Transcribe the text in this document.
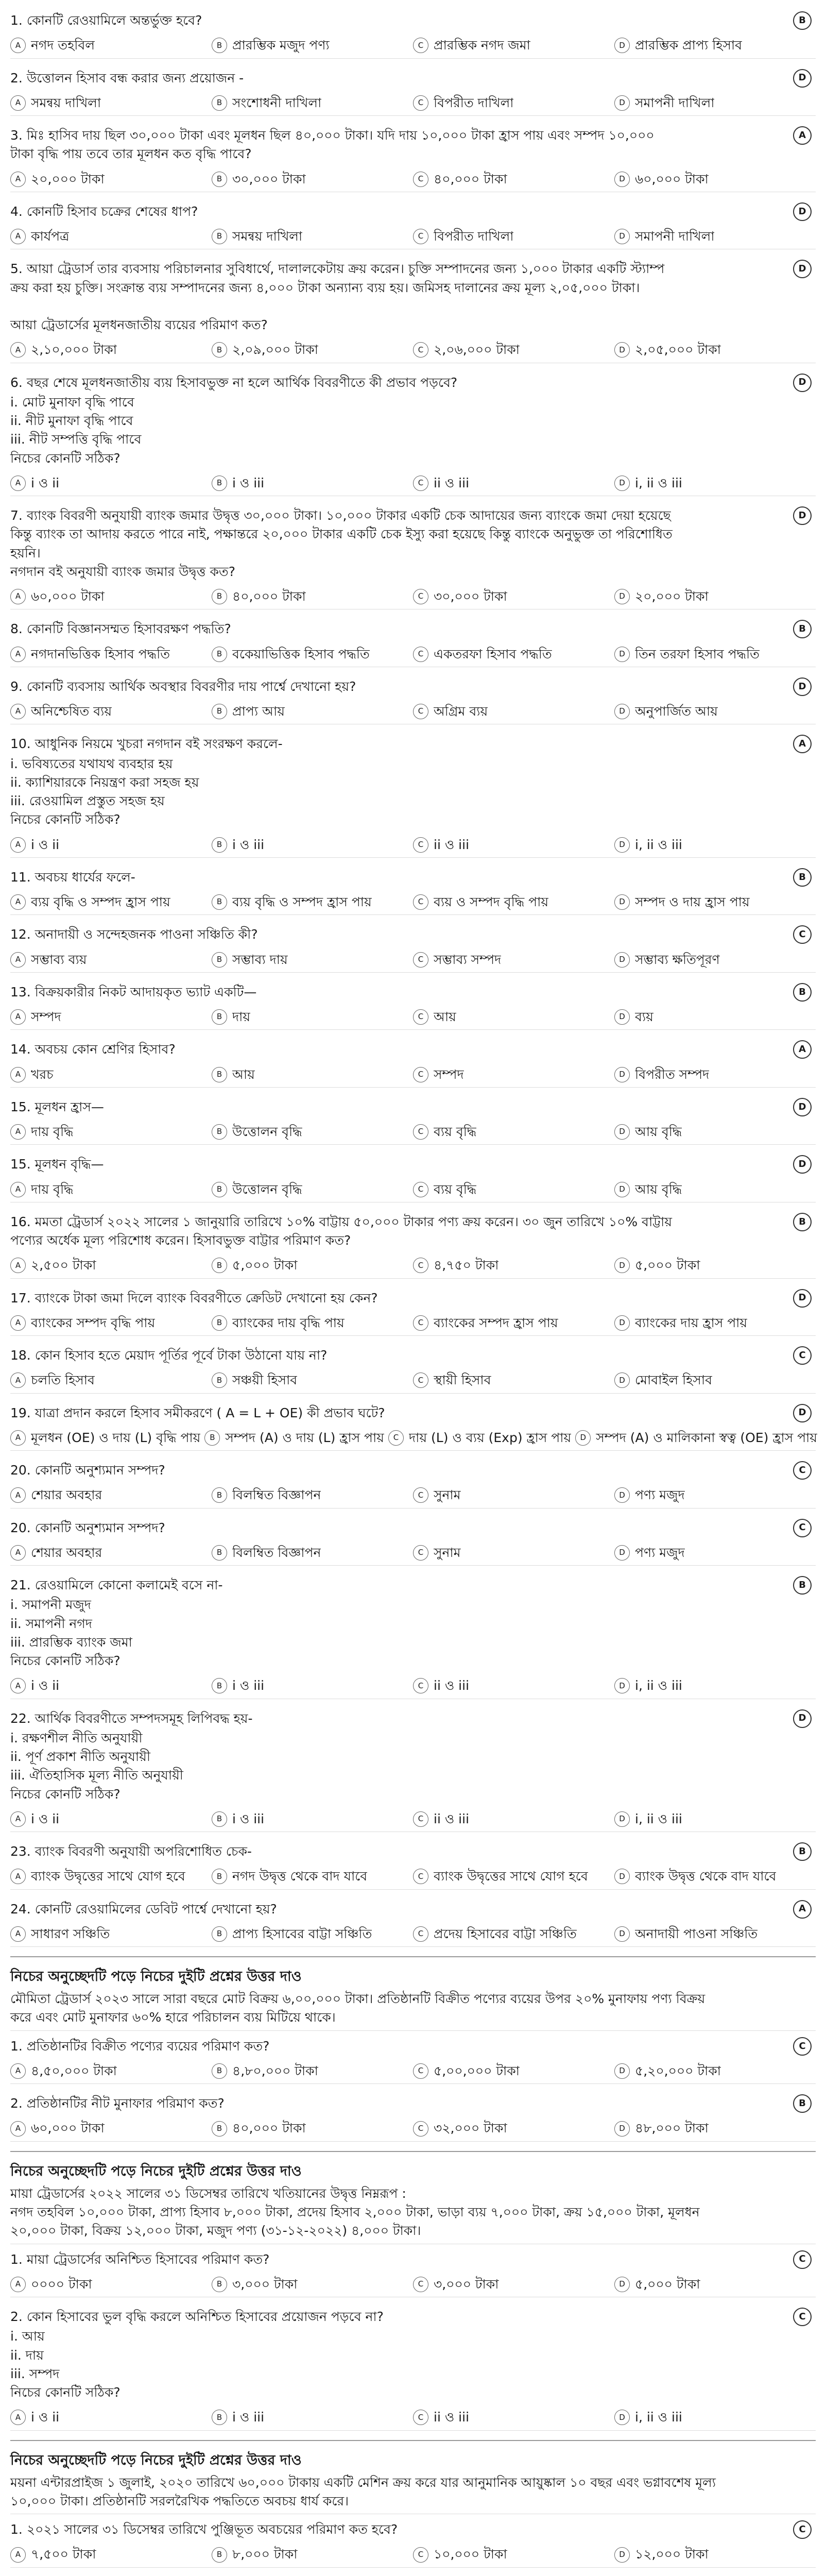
1. কোনটি রেওয়ামিলে অন্তর্ভুক্ত হবে?	B
A নগদ তহবিল	B প্রারম্ভিক মজুদ পণ্য	C প্রারম্ভিক নগদ জমা	D প্রারম্ভিক প্রাপ্য হিসাব
2. উত্তোলন হিসাব বন্ধ করার জন্য প্রয়োজন -	D
A সমন্বয় দাখিলা	B সংশোধনী দাখিলা	C বিপরীত দাখিলা	D সমাপনী দাখিলা
3. মিঃ হাসিব দায় ছিল ৩০,০০০ টাকা এবং মূলধন ছিল ৪০,০০০ টাকা। যদি দায় ১০,০০০ টাকা হ্রাস পায় এবং সম্পদ ১০,০০০
টাকা বৃদ্ধি পায় তবে তার মূলধন কত বৃদ্ধি পাবে?
A
A ২০,০০০ টাকা	B ৩০,০০০ টাকা	C ৪০,০০০ টাকা	D ৬০,০০০ টাকা
4. কোনটি হিসাব চক্রের শেষের ধাপ?	D
A কার্যপত্র	B সমন্বয় দাখিলা	C বিপরীত দাখিলা	D সমাপনী দাখিলা
5. আয়া ট্রেডার্স তার ব্যবসায় পরিচালনার সুবিধার্থে, দালালকেটায় ক্রয় করেন। চুক্তি সম্পাদনের জন্য ১,০০০ টাকার একটি স্ট্যাম্প
ক্রয় করা হয় চুক্তি। সংক্রান্ত ব্যয় সম্পাদনের জন্য ৪,০০০ টাকা অন্যান্য ব্যয় হয়। জমিসহ দালানের ক্রয় মূল্য ২,০৫,০০০ টাকা।

আয়া ট্রেডার্সের মূলধনজাতীয় ব্যয়ের পরিমাণ কত?
D
A ২,১০,০০০ টাকা	B ২,০৯,০০০ টাকা	C ২,০৬,০০০ টাকা	D ২,০৫,০০০ টাকা
6. বছর শেষে মূলধনজাতীয় ব্যয় হিসাবভুক্ত না হলে আর্থিক বিবরণীতে কী প্রভাব পড়বে?	D
i. মোট মুনাফা বৃদ্ধি পাবে
ii. নীট মুনাফা বৃদ্ধি পাবে
iii. নীট সম্পত্তি বৃদ্ধি পাবে
নিচের কোনটি সঠিক?
A i ও ii	B i ও iii	C ii ও iii	D i, ii ও iii
7. ব্যাংক বিবরণী অনুযায়ী ব্যাংক জমার উদ্বৃত্ত ৩০,০০০ টাকা। ১০,০০০ টাকার একটি চেক আদায়ের জন্য ব্যাংকে জমা দেয়া হয়েছে
কিন্তু ব্যাংক তা আদায় করতে পারে নাই, পক্ষান্তরে ২০,০০০ টাকার একটি চেক ইস্যু করা হয়েছে কিন্তু ব্যাংকে অনুভুক্ত তা পরিশোধিত
হয়নি।
নগদান বই অনুযায়ী ব্যাংক জমার উদ্বৃত্ত কত?
D
A ৬০,০০০ টাকা	B ৪০,০০০ টাকা	C ৩০,০০০ টাকা	D ২০,০০০ টাকা
8. কোনটি বিজ্ঞানসম্মত হিসাবরক্ষণ পদ্ধতি?	B
A নগদানভিত্তিক হিসাব পদ্ধতি	B বকেয়াভিত্তিক হিসাব পদ্ধতি	C একতরফা হিসাব পদ্ধতি	D তিন তরফা হিসাব পদ্ধতি
9. কোনটি ব্যবসায় আর্থিক অবস্থার বিবরণীর দায় পার্শ্বে দেখানো হয়?	D
A অনিশ্চেষিত ব্যয়	B প্রাপ্য আয়	C অগ্রিম ব্যয়	D অনুপার্জিত আয়
10. আধুনিক নিয়মে খুচরা নগদান বই সংরক্ষণ করলে-	A
i. ভবিষ্যতের যথাযথ ব্যবহার হয়
ii. ক্যাশিয়ারকে নিয়ন্ত্রণ করা সহজ হয়
iii. রেওয়ামিল প্রস্তুত সহজ হয়
নিচের কোনটি সঠিক?
A i ও ii	B i ও iii	C ii ও iii	D i, ii ও iii
11. অবচয় ধার্যের ফলে-	B
A ব্যয় বৃদ্ধি ও সম্পদ হ্রাস পায়	B ব্যয় বৃদ্ধি ও সম্পদ হ্রাস পায়	C ব্যয় ও সম্পদ বৃদ্ধি পায়	D সম্পদ ও দায় হ্রাস পায়
12. অনাদায়ী ও সন্দেহজনক পাওনা সঞ্চিতি কী?	C
A সম্ভাব্য ব্যয়	B সম্ভাব্য দায়	C সম্ভাব্য সম্পদ	D সম্ভাব্য ক্ষতিপূরণ
13. বিক্রয়কারীর নিকট আদায়কৃত ভ্যাট একটি—	B
A সম্পদ	B দায়	C আয়	D ব্যয়
14. অবচয় কোন শ্রেণির হিসাব?	A
A খরচ	B আয়	C সম্পদ	D বিপরীত সম্পদ
15. মূলধন হ্রাস—	D
A দায় বৃদ্ধি	B উত্তোলন বৃদ্ধি	C ব্যয় বৃদ্ধি	D আয় বৃদ্ধি
15. মূলধন বৃদ্ধি—	D
A দায় বৃদ্ধি	B উত্তোলন বৃদ্ধি	C ব্যয় বৃদ্ধি	D আয় বৃদ্ধি
16. মমতা ট্রেডার্স ২০২২ সালের ১ জানুয়ারি তারিখে ১০% বাট্টায় ৫০,০০০ টাকার পণ্য ক্রয় করেন। ৩০ জুন তারিখে ১০% বাট্টায়
পণ্যের অর্ধেক মূল্য পরিশোধ করেন। হিসাবভুক্ত বাট্টার পরিমাণ কত?
B
A ২,৫০০ টাকা	B ৫,০০০ টাকা	C ৪,৭৫০ টাকা	D ৫,০০০ টাকা
17. ব্যাংকে টাকা জমা দিলে ব্যাংক বিবরণীতে ক্রেডিট দেখানো হয় কেন?	D
A ব্যাংকের সম্পদ বৃদ্ধি পায়	B ব্যাংকের দায় বৃদ্ধি পায়	C ব্যাংকের সম্পদ হ্রাস পায়	D ব্যাংকের দায় হ্রাস পায়
18. কোন হিসাব হতে মেয়াদ পূর্তির পূর্বে টাকা উঠানো যায় না?	C
A চলতি হিসাব	B সঞ্চয়ী হিসাব	C স্থায়ী হিসাব	D মোবাইল হিসাব
19. যাত্রা প্রদান করলে হিসাব সমীকরণে ( A = L + OE) কী প্রভাব ঘটে?	D
A মূলধন (OE) ও দায় (L) বৃদ্ধি পায়	B সম্পদ (A) ও দায় (L) হ্রাস পায়	C দায় (L) ও ব্যয় (Exp) হ্রাস পায়	D সম্পদ (A) ও মালিকানা স্বত্ব (OE) হ্রাস পায়
20. কোনটি অনুশ্যমান সম্পদ?	C
A শেয়ার অবহার	B বিলম্বিত বিজ্ঞাপন	C সুনাম	D পণ্য মজুদ
20. কোনটি অনুশ্যমান সম্পদ?	C
A শেয়ার অবহার	B বিলম্বিত বিজ্ঞাপন	C সুনাম	D পণ্য মজুদ
21. রেওয়ামিলে কোনো কলামেই বসে না-	B
i. সমাপনী মজুদ
ii. সমাপনী নগদ
iii. প্রারম্ভিক ব্যাংক জমা
নিচের কোনটি সঠিক?
A i ও ii	B i ও iii	C ii ও iii	D i, ii ও iii
22. আর্থিক বিবরণীতে সম্পদসমূহ লিপিবদ্ধ হয়-	D
i. রক্ষণশীল নীতি অনুযায়ী
ii. পূর্ণ প্রকাশ নীতি অনুযায়ী
iii. ঐতিহাসিক মূল্য নীতি অনুযায়ী
নিচের কোনটি সঠিক?
A i ও ii	B i ও iii	C ii ও iii	D i, ii ও iii
23. ব্যাংক বিবরণী অনুযায়ী অপরিশোধিত চেক-	B
A ব্যাংক উদ্বৃত্তের সাথে যোগ হবে	B নগদ উদ্বৃত্ত থেকে বাদ যাবে	C ব্যাংক উদ্বৃত্তের সাথে যোগ হবে	D ব্যাংক উদ্বৃত্ত থেকে বাদ যাবে
24. কোনটি রেওয়ামিলের ডেবিট পার্শ্বে দেখানো হয়?	A
A সাধারণ সঞ্চিতি	B প্রাপ্য হিসাবের বাট্টা সঞ্চিতি	C প্রদেয় হিসাবের বাট্টা সঞ্চিতি	D অনাদায়ী পাওনা সঞ্চিতি
নিচের অনুচ্ছেদটি পড়ে নিচের দুইটি প্রশ্নের উত্তর দাও
মৌমিতা ট্রেডার্স ২০২৩ সালে সারা বছরে মোট বিক্রয় ৬,০০,০০০ টাকা। প্রতিষ্ঠানটি বিক্রীত পণ্যের ব্যয়ের উপর ২০% মুনাফায় পণ্য বিক্রয়
করে এবং মোট মুনাফার ৬০% হারে পরিচালন ব্যয় মিটিয়ে থাকে।
1. প্রতিষ্ঠানটির বিক্রীত পণ্যের ব্যয়ের পরিমাণ কত?	C
A ৪,৫০,০০০ টাকা	B ৪,৮০,০০০ টাকা	C ৫,০০,০০০ টাকা	D ৫,২০,০০০ টাকা
2. প্রতিষ্ঠানটির নীট মুনাফার পরিমাণ কত?	B
A ৬০,০০০ টাকা	B ৪০,০০০ টাকা	C ৩২,০০০ টাকা	D ৪৮,০০০ টাকা
নিচের অনুচ্ছেদটি পড়ে নিচের দুইটি প্রশ্নের উত্তর দাও
মায়া ট্রেডার্সের ২০২২ সালের ৩১ ডিসেম্বর তারিখে খতিয়ানের উদ্বৃত্ত নিম্নরূপ :
নগদ তহবিল ১০,০০০ টাকা, প্রাপ্য হিসাব ৮,০০০ টাকা, প্রদেয় হিসাব ২,০০০ টাকা, ভাড়া ব্যয় ৭,০০০ টাকা, ক্রয় ১৫,০০০ টাকা, মূলধন
২০,০০০ টাকা, বিক্রয় ১২,০০০ টাকা, মজুদ পণ্য (৩১-১২-২০২২) ৪,০০০ টাকা।
1. মায়া ট্রেডার্সের অনিশ্চিত হিসাবের পরিমাণ কত?	C
A ০০০০ টাকা	B ৩,০০০ টাকা	C ৩,০০০ টাকা	D ৫,০০০ টাকা
2. কোন হিসাবের ভুল বৃদ্ধি করলে অনিশ্চিত হিসাবের প্রয়োজন পড়বে না?	C
i. আয়
ii. দায়
iii. সম্পদ
নিচের কোনটি সঠিক?
A i ও ii	B i ও iii	C ii ও iii	D i, ii ও iii
নিচের অনুচ্ছেদটি পড়ে নিচের দুইটি প্রশ্নের উত্তর দাও
ময়না এন্টারপ্রাইজ ১ জুলাই, ২০২০ তারিখে ৬০,০০০ টাকায় একটি মেশিন ক্রয় করে যার আনুমানিক আয়ুষ্কাল ১০ বছর এবং ভগ্নাবশেষ মূল্য
১০,০০০ টাকা। প্রতিষ্ঠানটি সরলরৈখিক পদ্ধতিতে অবচয় ধার্য করে।
1. ২০২১ সালের ৩১ ডিসেম্বর তারিখে পুঞ্জিভূত অবচয়ের পরিমাণ কত হবে?	C
A ৭,৫০০ টাকা	B ৮,০০০ টাকা	C ১০,০০০ টাকা	D ১২,০০০ টাকা
